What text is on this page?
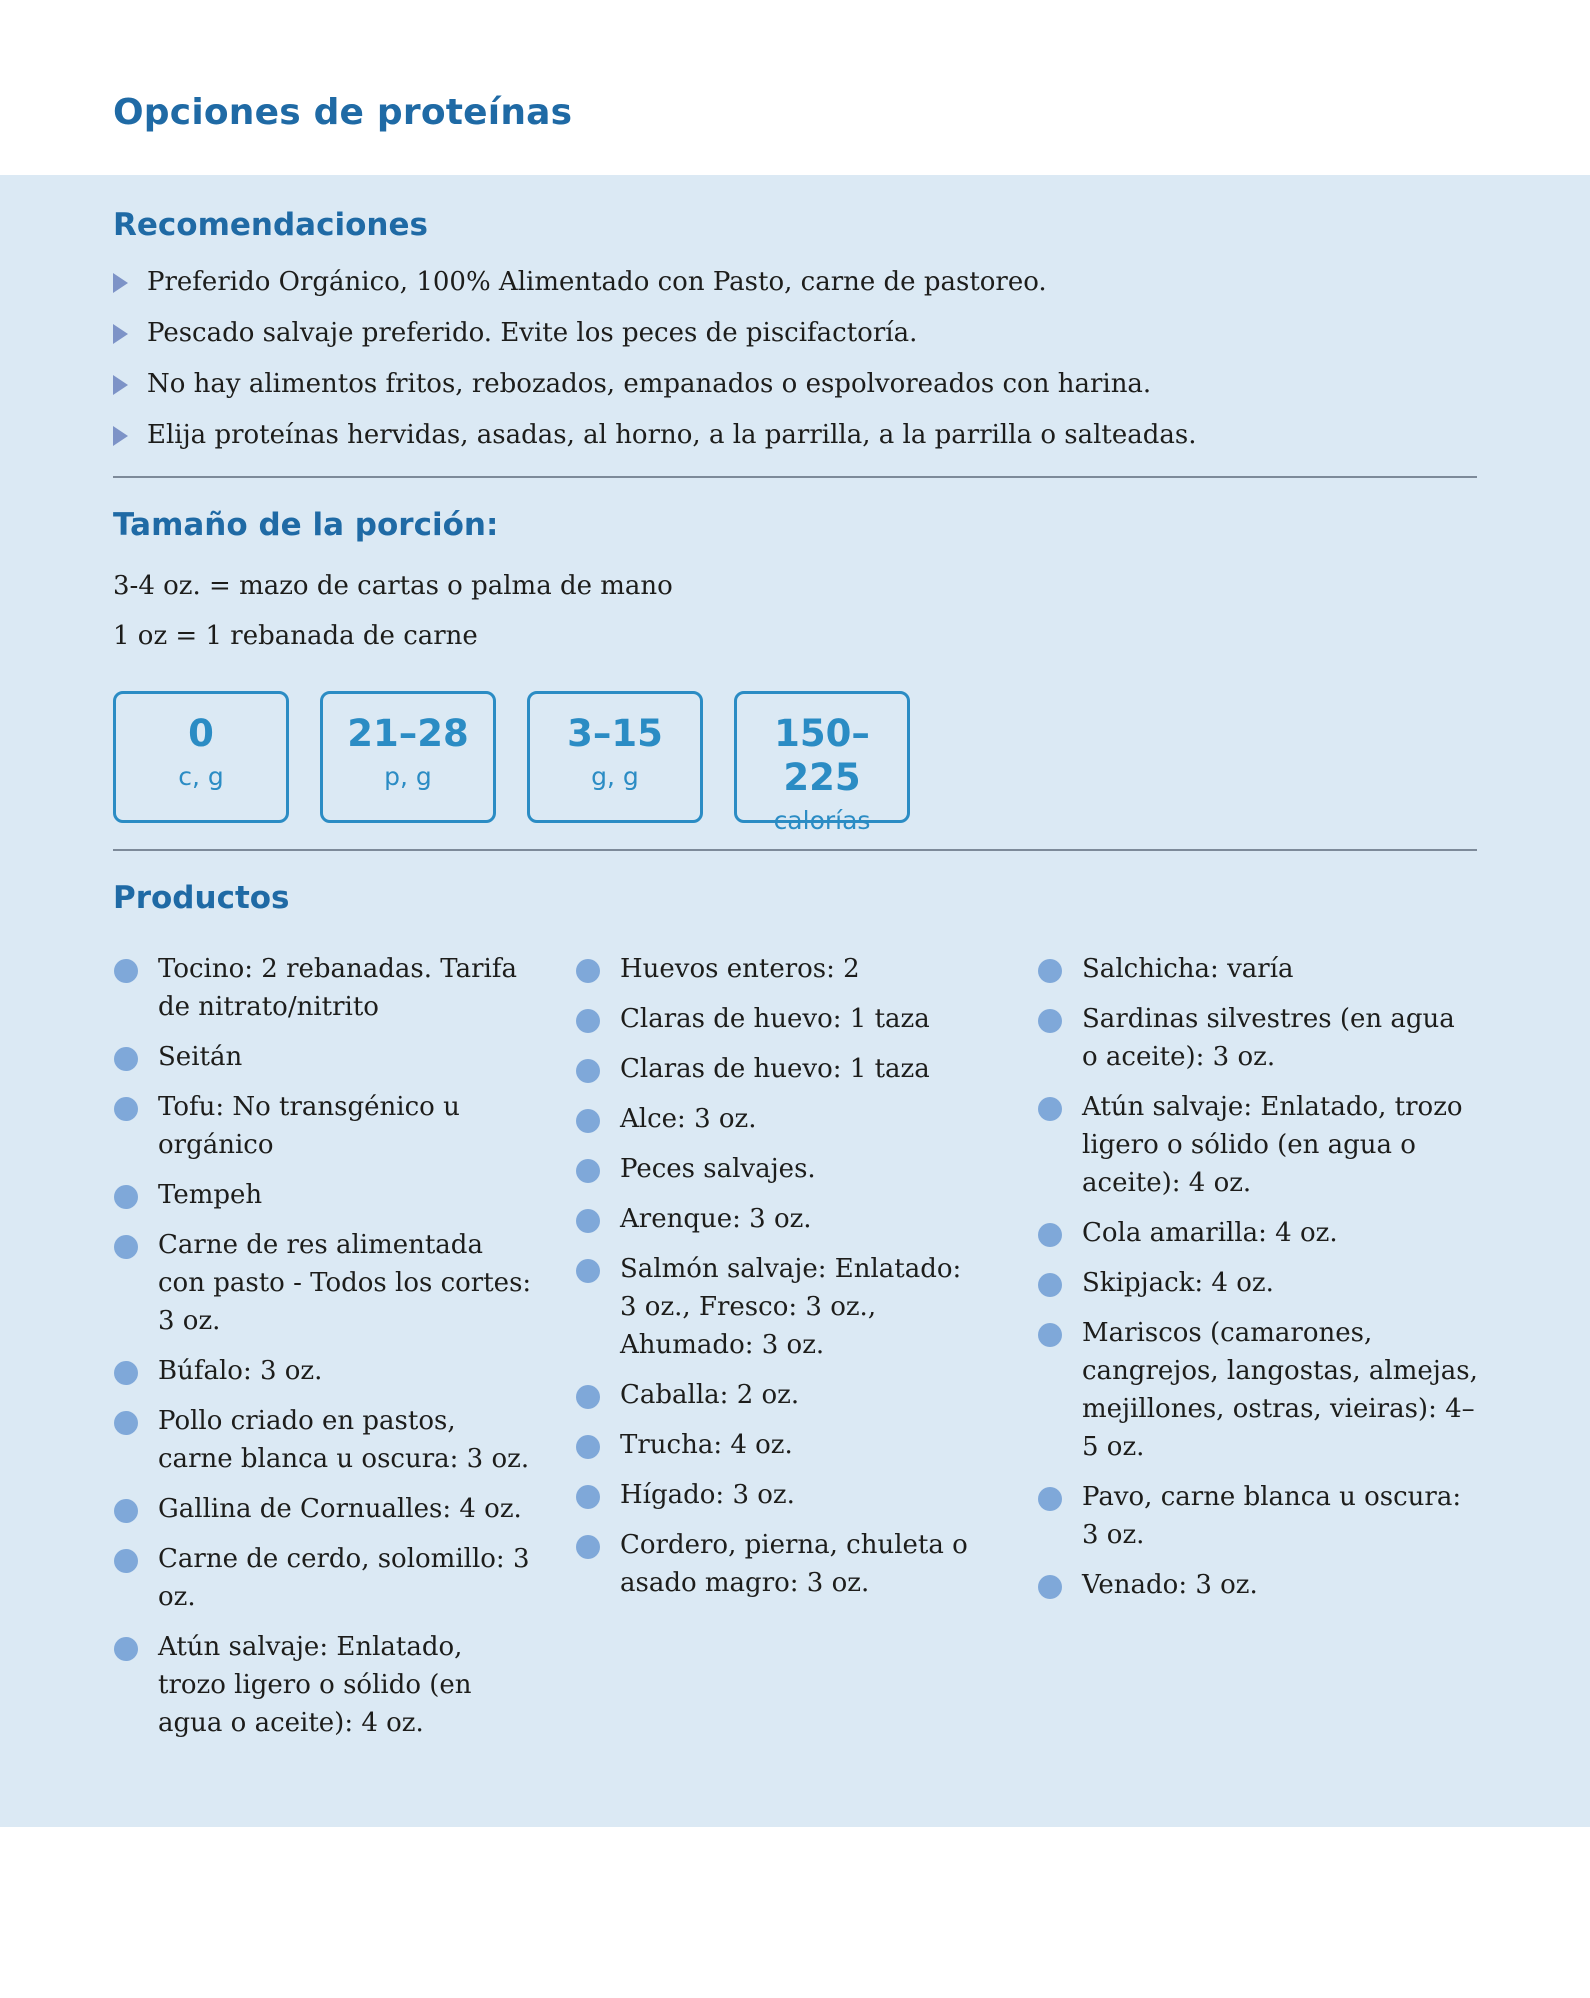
Opciones de proteínas
Recomendaciones
Preferido Orgánico, 100% Alimentado con Pasto, carne de pastoreo.
Pescado salvaje preferido. Evite los peces de piscifactoría.
No hay alimentos fritos, rebozados, empanados o espolvoreados con harina.
Elija proteínas hervidas, asadas, al horno, a la parrilla, a la parrilla o salteadas.
Tamaño de la porción:
3-4 oz. = mazo de cartas o palma de mano
1 oz = 1 rebanada de carne
0
c, g
21–28
p, g
3–15
g, g
150–225
calorías
Productos
Tocino: 2 rebanadas. Tarifa de nitrato/nitrito
Seitán
Tofu: No transgénico u orgánico
Tempeh
Carne de res alimentada con pasto - Todos los cortes: 3 oz.
Búfalo: 3 oz.
Pollo criado en pastos, carne blanca u oscura: 3 oz.
Gallina de Cornualles: 4 oz.
Carne de cerdo, solomillo: 3 oz.
Atún salvaje: Enlatado, trozo ligero o sólido (en agua o aceite): 4 oz.
Huevos enteros: 2
Claras de huevo: 1 taza
Claras de huevo: 1 taza
Alce: 3 oz.
Peces salvajes.
Arenque: 3 oz.
Salmón salvaje: Enlatado: 3 oz., Fresco: 3 oz., Ahumado: 3 oz.
Caballa: 2 oz.
Trucha: 4 oz.
Hígado: 3 oz.
Cordero, pierna, chuleta o asado magro: 3 oz.
Salchicha: varía
Sardinas silvestres (en agua o aceite): 3 oz.
Atún salvaje: Enlatado, trozo ligero o sólido (en agua o aceite): 4 oz.
Cola amarilla: 4 oz.
Skipjack: 4 oz.
Mariscos (camarones, cangrejos, langostas, almejas, mejillones, ostras, vieiras): 4–5 oz.
Pavo, carne blanca u oscura: 3 oz.
Venado: 3 oz.
